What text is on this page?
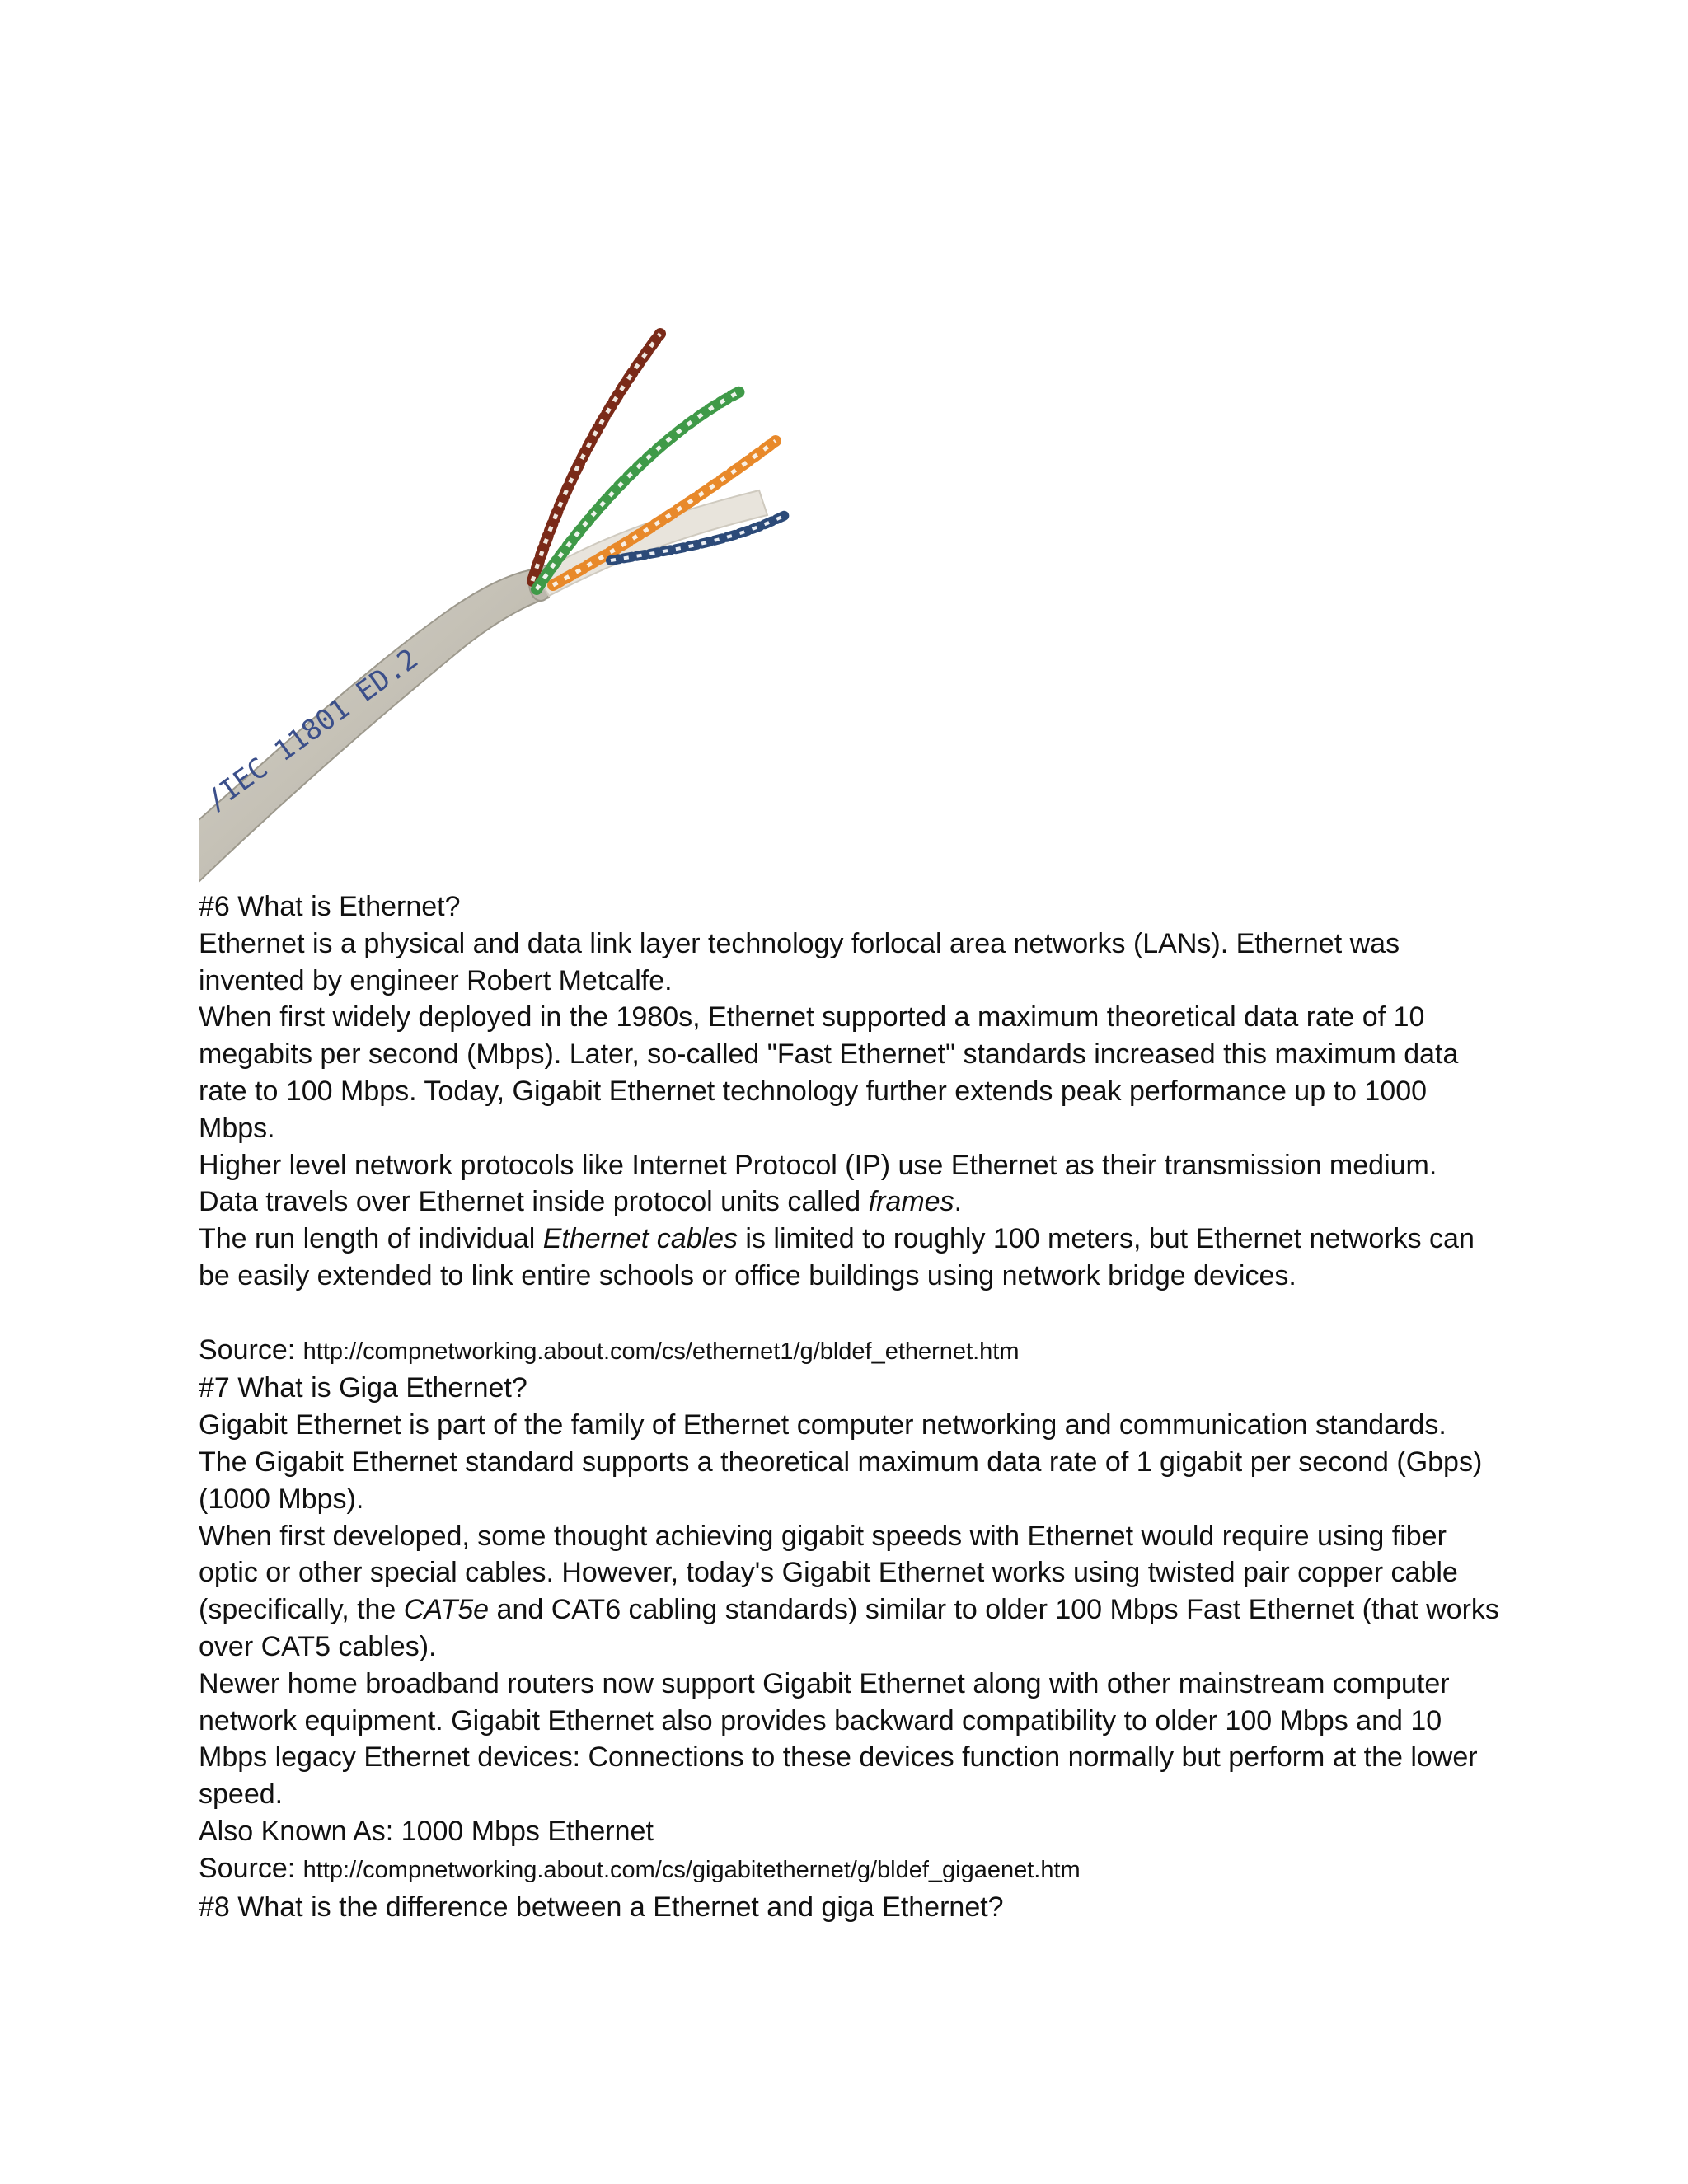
/IEC 11801 ED.2

#6 What is Ethernet?

Ethernet is a physical and data link layer technology forlocal area networks (LANs). Ethernet was invented by engineer Robert Metcalfe.

When first widely deployed in the 1980s, Ethernet supported a maximum theoretical data rate of 10 megabits per second (Mbps). Later, so-called "Fast Ethernet" standards increased this maximum data rate to 100 Mbps. Today, Gigabit Ethernet technology further extends peak performance up to 1000 Mbps.

Higher level network protocols like Internet Protocol (IP) use Ethernet as their transmission medium.

Data travels over Ethernet inside protocol units called frames.

The run length of individual Ethernet cables is limited to roughly 100 meters, but Ethernet networks can be easily extended to link entire schools or office buildings using network bridge devices.

Source: http://compnetworking.about.com/cs/ethernet1/g/bldef_ethernet.htm

#7 What is Giga Ethernet?

Gigabit Ethernet is part of the family of Ethernet computer networking and communication standards. The Gigabit Ethernet standard supports a theoretical maximum data rate of 1 gigabit per second (Gbps) (1000 Mbps).

When first developed, some thought achieving gigabit speeds with Ethernet would require using fiber optic or other special cables. However, today's Gigabit Ethernet works using twisted pair copper cable (specifically, the CAT5e and CAT6 cabling standards) similar to older 100 Mbps Fast Ethernet (that works over CAT5 cables).

Newer home broadband routers now support Gigabit Ethernet along with other mainstream computer network equipment. Gigabit Ethernet also provides backward compatibility to older 100 Mbps and 10 Mbps legacy Ethernet devices: Connections to these devices function normally but perform at the lower speed.

Also Known As: 1000 Mbps Ethernet

Source: http://compnetworking.about.com/cs/gigabitethernet/g/bldef_gigaenet.htm

#8 What is the difference between a Ethernet and giga Ethernet?
